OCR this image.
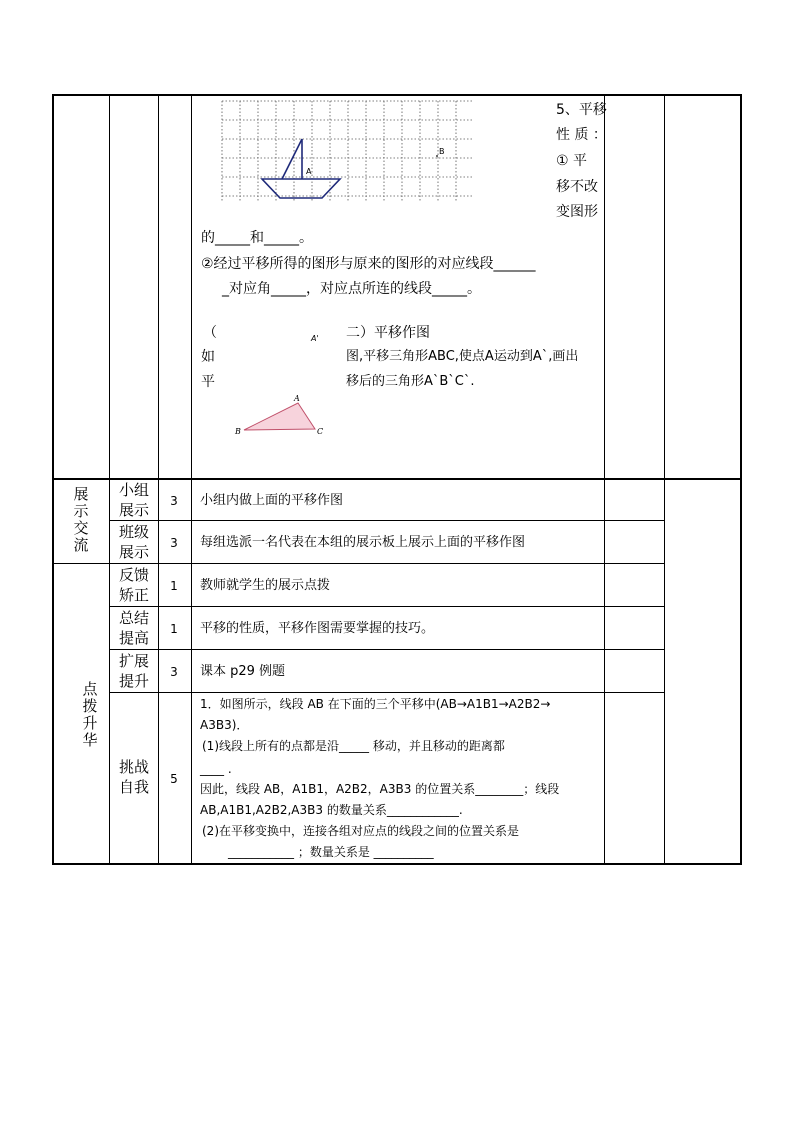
A
B
5、平移
性 质 ：
① 平
移不改
变图形
的_____和_____。
②经过平移所得的图形与原来的图形的对应线段______
_对应角_____，对应点所连的线段_____。
（
如
平
A' 二）平移作图
图,平移三角形ABC,使点A运动到A`,画出
移后的三角形A`B`C`.
A
B	C
展示交流
小组展示	3	小组内做上面的平移作图
班级展示	3	每组选派一名代表在本组的展示板上展示上面的平移作图
点拨升华
反馈矫正	1	教师就学生的展示点拨
总结提高	1	平移的性质，平移作图需要掌握的技巧。
扩展提升	3	课本 p29 例题
挑战自我	5
1．如图所示，线段 AB 在下面的三个平移中(AB→A1B1→A2B2→
A3B3)．
(1)线段上所有的点都是沿_____ 移动，并且移动的距离都
____ .
因此，线段 AB，A1B1，A2B2，A3B3 的位置关系________；线段
AB,A1B1,A2B2,A3B3 的数量关系____________.
(2)在平移变换中，连接各组对应点的线段之间的位置关系是
___________ ；数量关系是 __________
